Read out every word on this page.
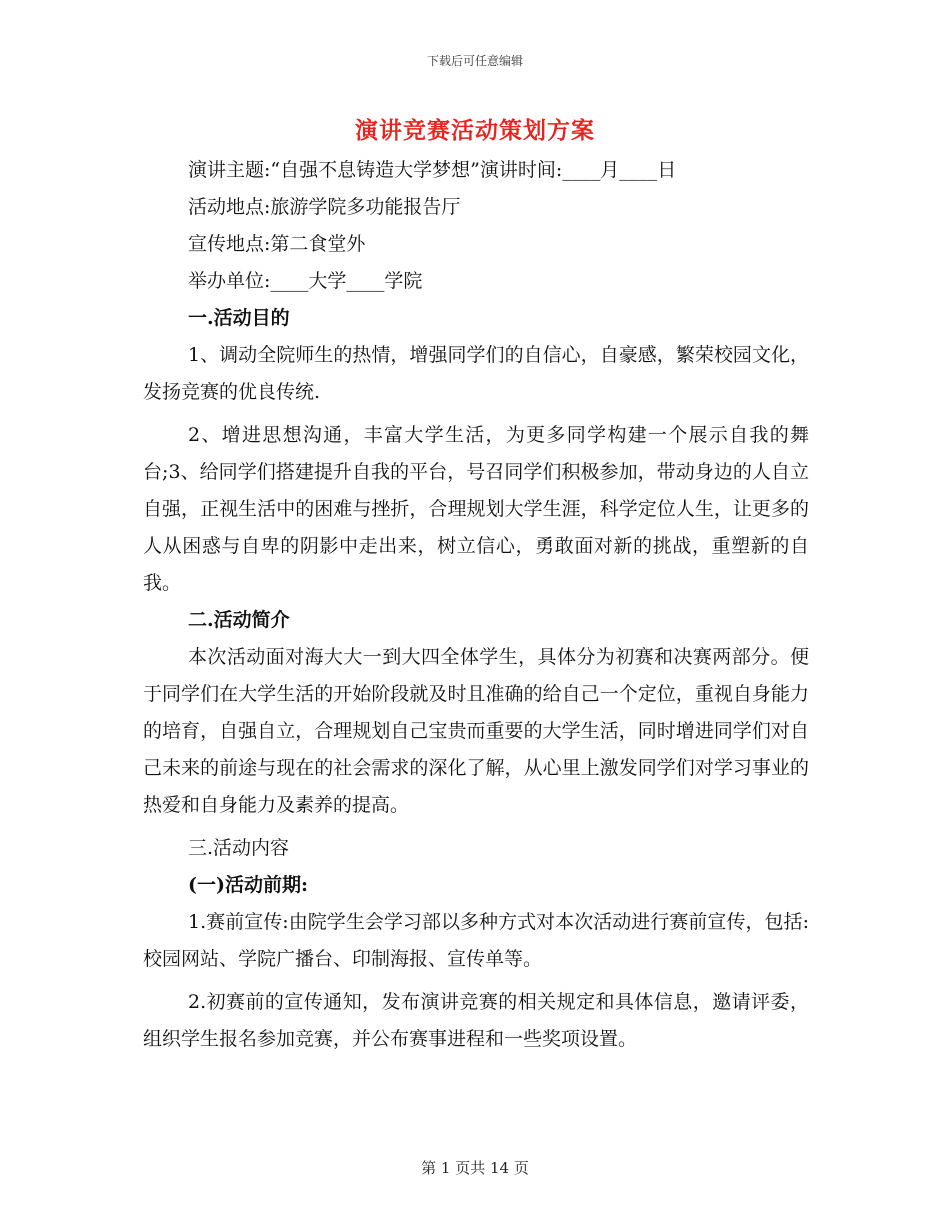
下载后可任意编辑
演讲竞赛活动策划方案

演讲主题:“自强不息铸造大学梦想”演讲时间:____月____日

活动地点:旅游学院多功能报告厅

宣传地点:第二食堂外

举办单位:____大学____学院

一.活动目的

1、调动全院师生的热情，增强同学们的自信心，自豪感，繁荣校园文化，发扬竞赛的优良传统.

2、增进思想沟通，丰富大学生活，为更多同学构建一个展示自我的舞台;3、给同学们搭建提升自我的平台，号召同学们积极参加，带动身边的人自立自强，正视生活中的困难与挫折，合理规划大学生涯，科学定位人生，让更多的人从困惑与自卑的阴影中走出来，树立信心，勇敢面对新的挑战，重塑新的自我。

二.活动简介

本次活动面对海大大一到大四全体学生，具体分为初赛和决赛两部分。便于同学们在大学生活的开始阶段就及时且准确的给自己一个定位，重视自身能力的培育，自强自立，合理规划自己宝贵而重要的大学生活，同时增进同学们对自己未来的前途与现在的社会需求的深化了解，从心里上激发同学们对学习事业的热爱和自身能力及素养的提高。

三.活动内容

(一)活动前期:

1.赛前宣传:由院学生会学习部以多种方式对本次活动进行赛前宣传，包括:校园网站、学院广播台、印制海报、宣传单等。

2.初赛前的宣传通知，发布演讲竞赛的相关规定和具体信息，邀请评委，组织学生报名参加竞赛，并公布赛事进程和一些奖项设置。

第 1 页共 14 页
